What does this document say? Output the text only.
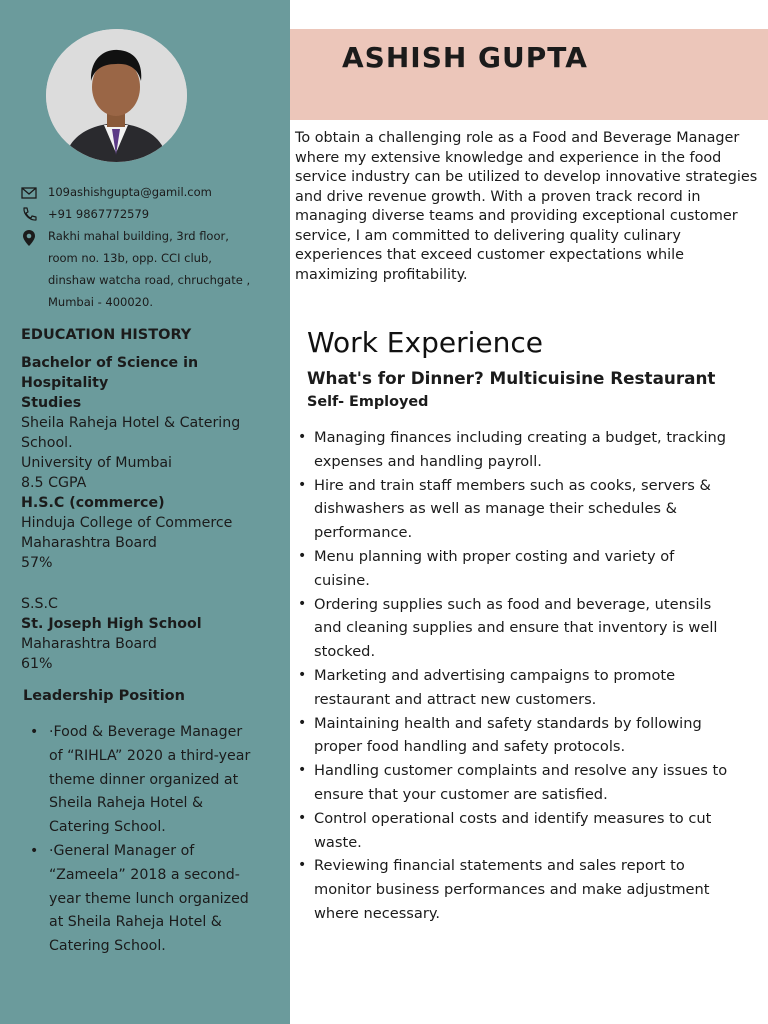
109ashishgupta@gamil.com
+91 9867772579
Rakhi mahal building, 3rd floor,
room no. 13b, opp. CCI club,
dinshaw watcha road, chruchgate ,
Mumbai - 400020.
EDUCATION HISTORY
Bachelor of Science in Hospitality
Studies
Sheila Raheja Hotel & Catering
School.
University of Mumbai
8.5 CGPA
H.S.C (commerce)
Hinduja College of Commerce
Maharashtra Board
57%
S.S.C
St. Joseph High School
Maharashtra Board
61%
Leadership Position
• ·Food & Beverage Manager
of “RIHLA” 2020 a third-year
theme dinner organized at
Sheila Raheja Hotel &
Catering School.
• ·General Manager of
“Zameela” 2018 a second-
year theme lunch organized
at Sheila Raheja Hotel &
Catering School.
ASHISH GUPTA

To obtain a challenging role as a Food and Beverage Manager where my extensive knowledge and experience in the food service industry can be utilized to develop innovative strategies and drive revenue growth. With a proven track record in managing diverse teams and providing exceptional customer service, I am committed to delivering quality culinary experiences that exceed customer expectations while maximizing profitability.

Work Experience
What's for Dinner? Multicuisine Restaurant
Self- Employed
• Managing finances including creating a budget, tracking
expenses and handling payroll.
• Hire and train staff members such as cooks, servers &
dishwashers as well as manage their schedules &
performance.
• Menu planning with proper costing and variety of
cuisine.
• Ordering supplies such as food and beverage, utensils
and cleaning supplies and ensure that inventory is well
stocked.
• Marketing and advertising campaigns to promote
restaurant and attract new customers.
• Maintaining health and safety standards by following
proper food handling and safety protocols.
• Handling customer complaints and resolve any issues to
ensure that your customer are satisfied.
• Control operational costs and identify measures to cut
waste.
• Reviewing financial statements and sales report to
monitor business performances and make adjustment
where necessary.
